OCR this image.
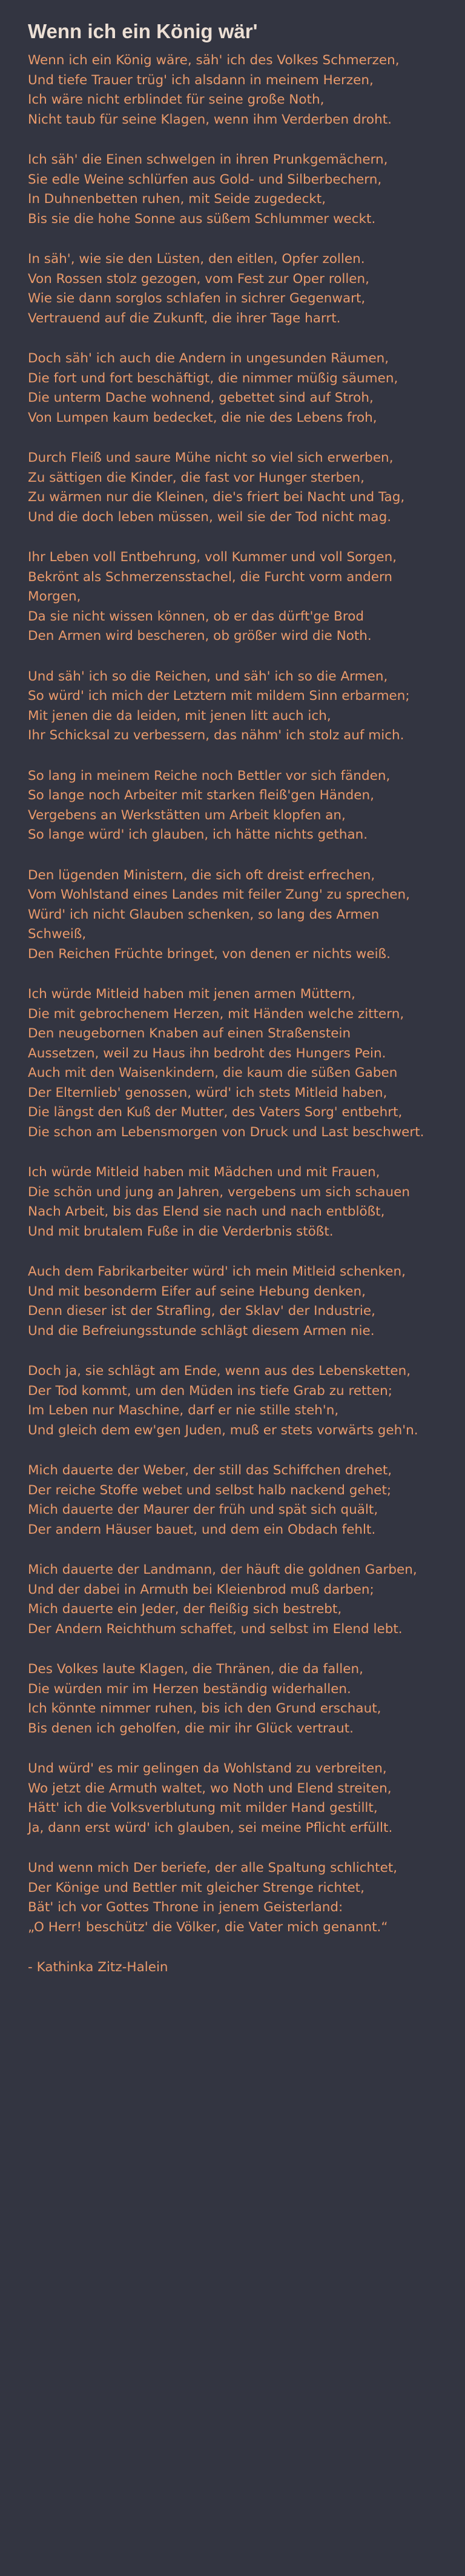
Wenn ich ein König wär'
Wenn ich ein König wäre, säh' ich des Volkes Schmerzen,
Und tiefe Trauer trüg' ich alsdann in meinem Herzen,
Ich wäre nicht erblindet für seine große Noth,
Nicht taub für seine Klagen, wenn ihm Verderben droht.
Ich säh' die Einen schwelgen in ihren Prunkgemächern,
Sie edle Weine schlürfen aus Gold- und Silberbechern,
In Duhnenbetten ruhen, mit Seide zugedeckt,
Bis sie die hohe Sonne aus süßem Schlummer weckt.
In säh', wie sie den Lüsten, den eitlen, Opfer zollen.
Von Rossen stolz gezogen, vom Fest zur Oper rollen,
Wie sie dann sorglos schlafen in sichrer Gegenwart,
Vertrauend auf die Zukunft, die ihrer Tage harrt.
Doch säh' ich auch die Andern in ungesunden Räumen,
Die fort und fort beschäftigt, die nimmer müßig säumen,
Die unterm Dache wohnend, gebettet sind auf Stroh,
Von Lumpen kaum bedecket, die nie des Lebens froh,
Durch Fleiß und saure Mühe nicht so viel sich erwerben,
Zu sättigen die Kinder, die fast vor Hunger sterben,
Zu wärmen nur die Kleinen, die's friert bei Nacht und Tag,
Und die doch leben müssen, weil sie der Tod nicht mag.
Ihr Leben voll Entbehrung, voll Kummer und voll Sorgen,
Bekrönt als Schmerzensstachel, die Furcht vorm andern Morgen,
Da sie nicht wissen können, ob er das dürft'ge Brod
Den Armen wird bescheren, ob größer wird die Noth.
Und säh' ich so die Reichen, und säh' ich so die Armen,
So würd' ich mich der Letztern mit mildem Sinn erbarmen;
Mit jenen die da leiden, mit jenen litt auch ich,
Ihr Schicksal zu verbessern, das nähm' ich stolz auf mich.
So lang in meinem Reiche noch Bettler vor sich fänden,
So lange noch Arbeiter mit starken fleiß'gen Händen,
Vergebens an Werkstätten um Arbeit klopfen an,
So lange würd' ich glauben, ich hätte nichts gethan.
Den lügenden Ministern, die sich oft dreist erfrechen,
Vom Wohlstand eines Landes mit feiler Zung' zu sprechen,
Würd' ich nicht Glauben schenken, so lang des Armen Schweiß,
Den Reichen Früchte bringet, von denen er nichts weiß.
Ich würde Mitleid haben mit jenen armen Müttern,
Die mit gebrochenem Herzen, mit Händen welche zittern,
Den neugebornen Knaben auf einen Straßenstein
Aussetzen, weil zu Haus ihn bedroht des Hungers Pein.
Auch mit den Waisenkindern, die kaum die süßen Gaben
Der Elternlieb' genossen, würd' ich stets Mitleid haben,
Die längst den Kuß der Mutter, des Vaters Sorg' entbehrt,
Die schon am Lebensmorgen von Druck und Last beschwert.
Ich würde Mitleid haben mit Mädchen und mit Frauen,
Die schön und jung an Jahren, vergebens um sich schauen
Nach Arbeit, bis das Elend sie nach und nach entblößt,
Und mit brutalem Fuße in die Verderbnis stößt.
Auch dem Fabrikarbeiter würd' ich mein Mitleid schenken,
Und mit besonderm Eifer auf seine Hebung denken,
Denn dieser ist der Strafling, der Sklav' der Industrie,
Und die Befreiungsstunde schlägt diesem Armen nie.
Doch ja, sie schlägt am Ende, wenn aus des Lebensketten,
Der Tod kommt, um den Müden ins tiefe Grab zu retten;
Im Leben nur Maschine, darf er nie stille steh'n,
Und gleich dem ew'gen Juden, muß er stets vorwärts geh'n.
Mich dauerte der Weber, der still das Schiffchen drehet,
Der reiche Stoffe webet und selbst halb nackend gehet;
Mich dauerte der Maurer der früh und spät sich quält,
Der andern Häuser bauet, und dem ein Obdach fehlt.
Mich dauerte der Landmann, der häuft die goldnen Garben,
Und der dabei in Armuth bei Kleienbrod muß darben;
Mich dauerte ein Jeder, der fleißig sich bestrebt,
Der Andern Reichthum schaffet, und selbst im Elend lebt.
Des Volkes laute Klagen, die Thränen, die da fallen,
Die würden mir im Herzen beständig widerhallen.
Ich könnte nimmer ruhen, bis ich den Grund erschaut,
Bis denen ich geholfen, die mir ihr Glück vertraut.
Und würd' es mir gelingen da Wohlstand zu verbreiten,
Wo jetzt die Armuth waltet, wo Noth und Elend streiten,
Hätt' ich die Volksverblutung mit milder Hand gestillt,
Ja, dann erst würd' ich glauben, sei meine Pflicht erfüllt.
Und wenn mich Der beriefe, der alle Spaltung schlichtet,
Der Könige und Bettler mit gleicher Strenge richtet,
Bät' ich vor Gottes Throne in jenem Geisterland:
„O Herr! beschütz' die Völker, die Vater mich genannt.“
- Kathinka Zitz-Halein
